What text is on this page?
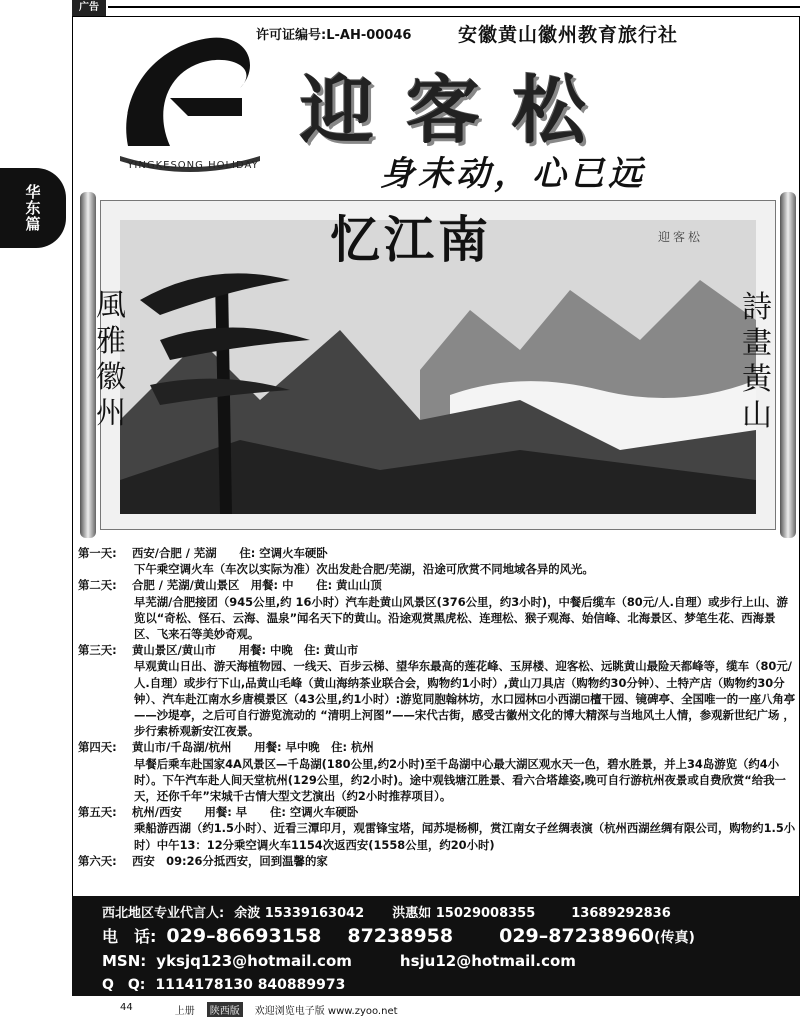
广告
华东篇
YINGKESONG HOLIDAY
许可证编号:L-AH-00046 安徽黄山徽州教育旅行社
迎客松
身未动，心已远
忆江南	迎客松
風雅徽州
詩畫黃山
第一天:	西安/合肥 / 芜湖　　住: 空调火车硬卧
下午乘空调火车（车次以实际为准）次出发赴合肥/芜湖，沿途可欣赏不同地域各异的风光。
第二天:	合肥 / 芜湖/黄山景区　用餐: 中　　住: 黄山山顶
早芜湖/合肥接团（945公里,约 16小时）汽车赴黄山风景区(376公里，约3小时)，中餐后缆车（80元/人.自理）或步行上山、游览以“奇松、怪石、云海、温泉”闻名天下的黄山。沿途观赏黑虎松、连理松、猴子观海、始信峰、北海景区、梦笔生花、西海景区、飞来石等美妙奇观。
第三天:	黄山景区/黄山市　　用餐: 中晚　住: 黄山市
早观黄山日出、游天海植物园、一线天、百步云梯、望华东最高的莲花峰、玉屏楼、迎客松、远眺黄山最险天都峰等，缆车（80元/人.自理）或步行下山,品黄山毛峰（黄山海纳茶业联合会，购物约1小时）,黄山刀具店（购物约30分钟）、土特产店（购物约30分钟）、汽车赴江南水乡唐模景区（43公里,约1小时）:游览同胞翰林坊，水口园林⊡小西湖⊡檀干园、镜碑亭、全国唯一的一座八角亭——沙堤亭，之后可自行游览流动的 “清明上河图”——宋代古街，感受古徽州文化的博大精深与当地风土人情，参观新世纪广场 ，步行索桥观新安江夜景。
第四天:	黄山市/千岛湖/杭州　　用餐: 早中晚　住: 杭州
早餐后乘车赴国家4A风景区—千岛湖(180公里,约2小时)至千岛湖中心最大湖区观水天一色，碧水胜景，并上34岛游览（约4小时）。下午汽车赴人间天堂杭州(129公里，约2小时)。途中观钱塘江胜景、看六合塔雄姿,晚可自行游杭州夜景或自费欣赏“给我一天，还你千年”宋城千古情大型文艺演出（约2小时推荐项目）。
第五天:	杭州/西安　　用餐: 早　　住: 空调火车硬卧
乘船游西湖（约1.5小时）、近看三潭印月，观雷锋宝塔，闻苏堤杨柳，赏江南女子丝绸表演（杭州西湖丝绸有限公司，购物约1.5小时）中午13：12分乘空调火车1154次返西安(1558公里，约20小时)
第六天:	西安　09:26分抵西安，回到温馨的家
西北地区专业代言人: 余波 15339163042 洪惠如 15029008355	13689292836
电　话: 029–86693158 87238958 029–87238960 (传真)
MSN: yksjq123@hotmail.com	hsju12@hotmail.com
Q　Q: 1114178130 840889973
44	上册	陕西版	欢迎浏览电子版 www.zyoo.net
